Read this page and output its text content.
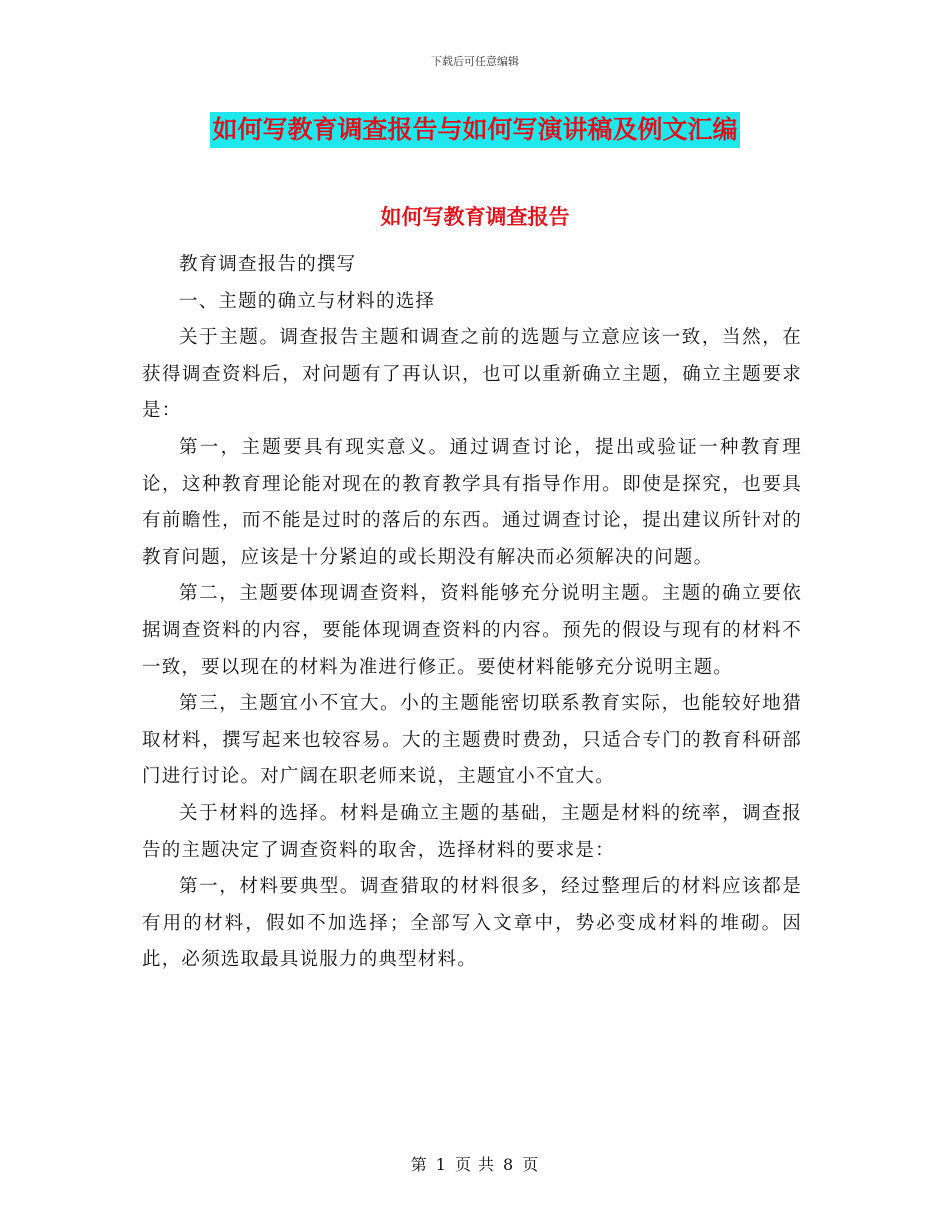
下载后可任意编辑
如何写教育调查报告与如何写演讲稿及例文汇编
如何写教育调查报告

教育调查报告的撰写

一、主题的确立与材料的选择

关于主题。调查报告主题和调查之前的选题与立意应该一致，当然，在获得调查资料后，对问题有了再认识，也可以重新确立主题，确立主题要求是：

第一，主题要具有现实意义。通过调查讨论，提出或验证一种教育理论，这种教育理论能对现在的教育教学具有指导作用。即使是探究，也要具有前瞻性，而不能是过时的落后的东西。通过调查讨论，提出建议所针对的教育问题，应该是十分紧迫的或长期没有解决而必须解决的问题。

第二，主题要体现调查资料，资料能够充分说明主题。主题的确立要依据调查资料的内容，要能体现调查资料的内容。预先的假设与现有的材料不一致，要以现在的材料为准进行修正。要使材料能够充分说明主题。

第三，主题宜小不宜大。小的主题能密切联系教育实际，也能较好地猎取材料，撰写起来也较容易。大的主题费时费劲，只适合专门的教育科研部门进行讨论。对广阔在职老师来说，主题宜小不宜大。

关于材料的选择。材料是确立主题的基础，主题是材料的统率，调查报告的主题决定了调查资料的取舍，选择材料的要求是：

第一，材料要典型。调查猎取的材料很多，经过整理后的材料应该都是有用的材料，假如不加选择；全部写入文章中，势必变成材料的堆砌。因此，必须选取最具说服力的典型材料。

第 1 页 共 8 页
